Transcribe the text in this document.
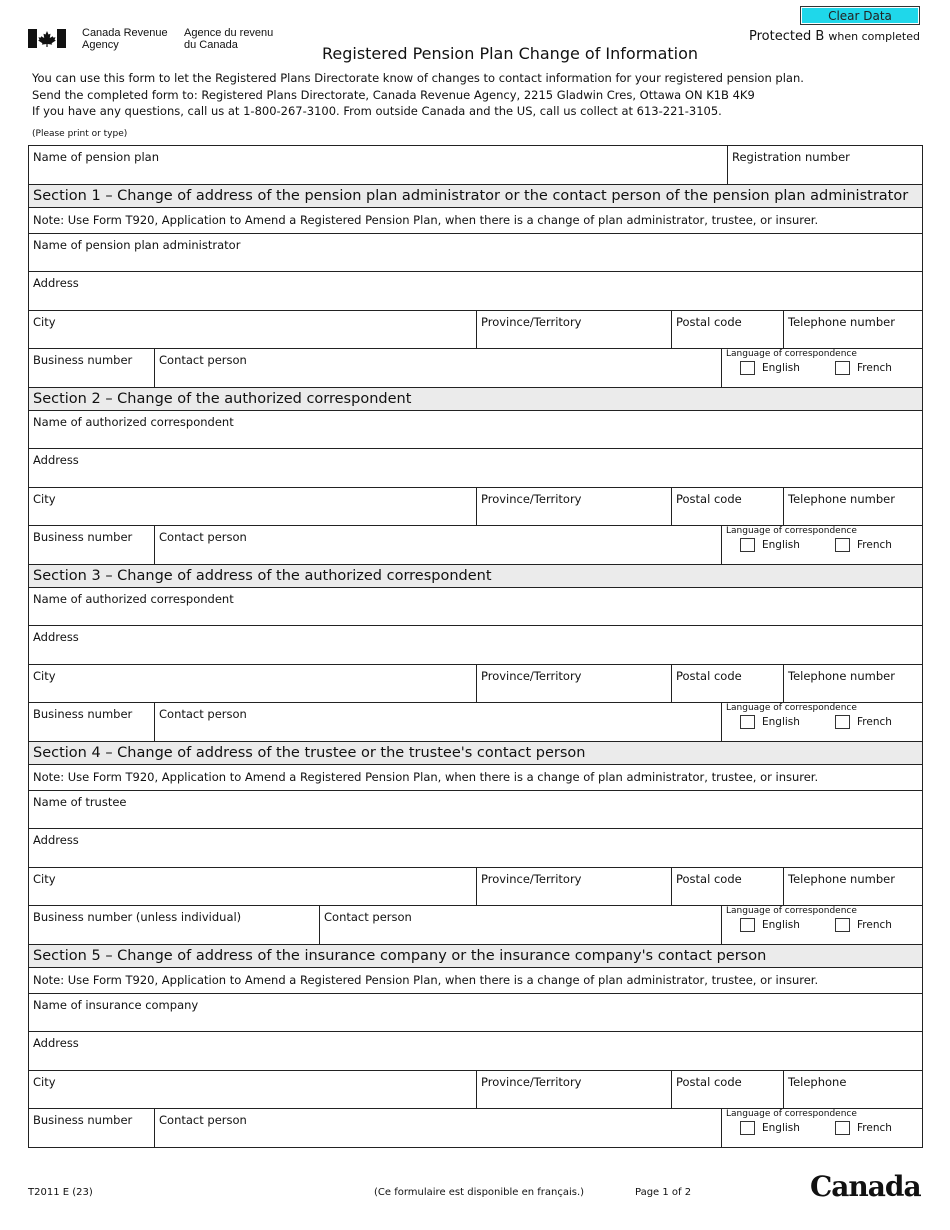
Canada Revenue
Agency
Agence du revenu
du Canada
Clear Data
Protected B when completed
Registered Pension Plan Change of Information
You can use this form to let the Registered Plans Directorate know of changes to contact information for your registered pension plan.
Send the completed form to: Registered Plans Directorate, Canada Revenue Agency, 2215 Gladwin Cres, Ottawa ON K1B 4K9
If you have any questions, call us at 1-800-267-3100. From outside Canada and the US, call us collect at 613-221-3105.
(Please print or type)
Name of pension plan	Registration number
Section 1 – Change of address of the pension plan administrator or the contact person of the pension plan administrator
Note: Use Form T920, Application to Amend a Registered Pension Plan, when there is a change of plan administrator, trustee, or insurer.
Name of pension plan administrator
Address
City	Province/Territory	Postal code	Telephone number
Business number	Contact person	Language of correspondence
English	French
Section 2 – Change of the authorized correspondent
Name of authorized correspondent
Address
City	Province/Territory	Postal code	Telephone number
Business number	Contact person	Language of correspondence
English	French
Section 3 – Change of address of the authorized correspondent
Name of authorized correspondent
Address
City	Province/Territory	Postal code	Telephone number
Business number	Contact person	Language of correspondence
English	French
Section 4 – Change of address of the trustee or the trustee's contact person
Note: Use Form T920, Application to Amend a Registered Pension Plan, when there is a change of plan administrator, trustee, or insurer.
Name of trustee
Address
City	Province/Territory	Postal code	Telephone number
Business number (unless individual)	Contact person	Language of correspondence
English	French
Section 5 – Change of address of the insurance company or the insurance company's contact person
Note: Use Form T920, Application to Amend a Registered Pension Plan, when there is a change of plan administrator, trustee, or insurer.
Name of insurance company
Address
City	Province/Territory	Postal code	Telephone
Business number	Contact person	Language of correspondence
English	French
T2011 E (23)	(Ce formulaire est disponible en français.)	Page 1 of 2	Canada
